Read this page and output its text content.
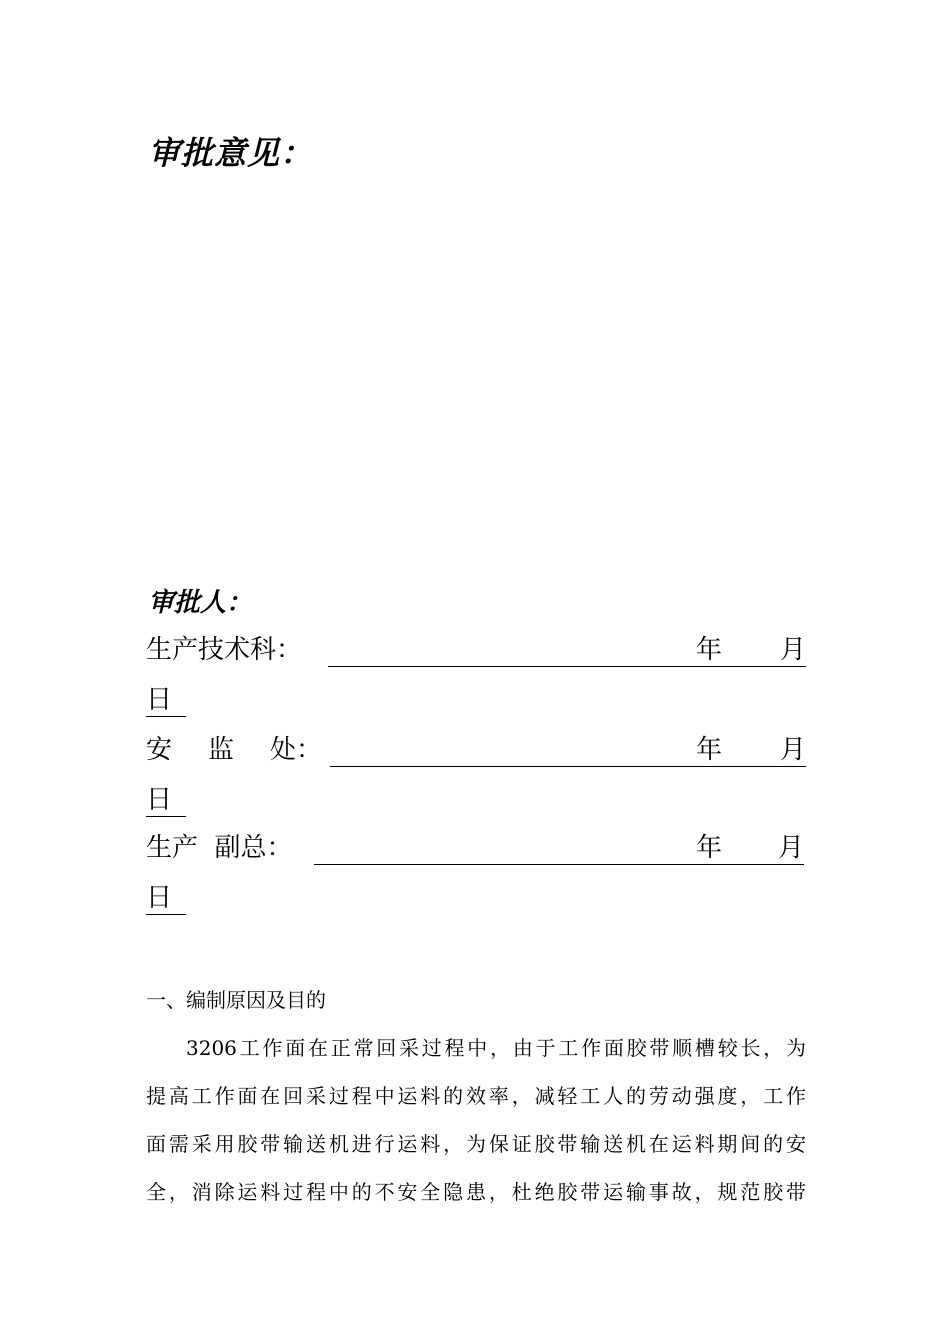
审批意见：
审批人：
生产技术科：	年 月
日
安 监 处：	年 月
日
生产  副总：	年 月
日
一、编制原因及目的
3206工作面在正常回采过程中，由于工作面胶带顺槽较长，为
提高工作面在回采过程中运料的效率，减轻工人的劳动强度，工作
面需采用胶带输送机进行运料，为保证胶带输送机在运料期间的安
全，消除运料过程中的不安全隐患，杜绝胶带运输事故，规范胶带
